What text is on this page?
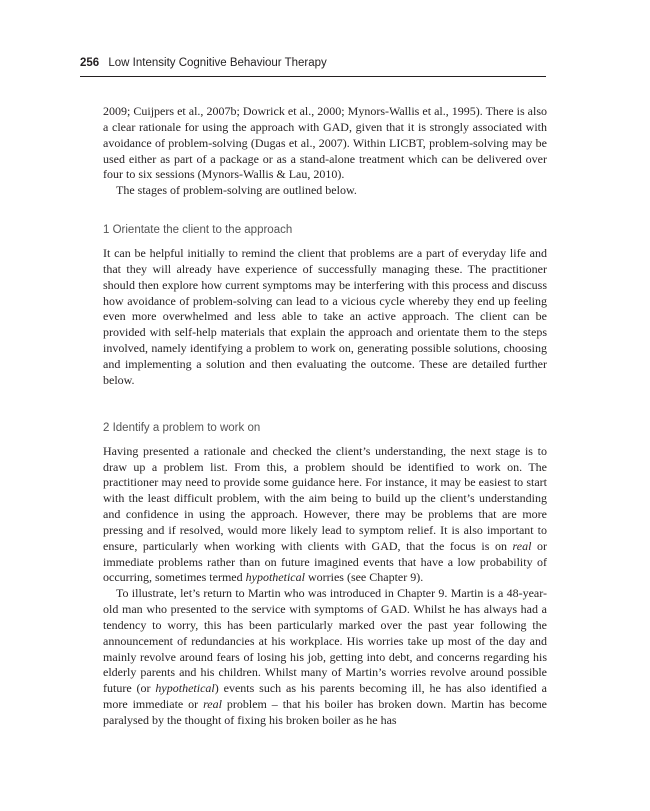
256 Low Intensity Cognitive Behaviour Therapy

2009; Cuijpers et al., 2007b; Dowrick et al., 2000; Mynors-Wallis et al., 1995). There is also a clear rationale for using the approach with GAD, given that it is strongly associated with avoidance of problem-solving (Dugas et al., 2007). Within LICBT, problem-solving may be used either as part of a package or as a stand-alone treatment which can be delivered over four to six sessions (Mynors-Wallis & Lau, 2010).

The stages of problem-solving are outlined below.

1 Orientate the client to the approach

It can be helpful initially to remind the client that problems are a part of everyday life and that they will already have experience of successfully managing these. The practitioner should then explore how current symptoms may be interfering with this process and discuss how avoidance of problem-solving can lead to a vicious cycle whereby they end up feeling even more overwhelmed and less able to take an active approach. The client can be provided with self-help materials that explain the approach and orientate them to the steps involved, namely identifying a problem to work on, generating possible solutions, choosing and implementing a solution and then evaluating the outcome. These are detailed further below.

2 Identify a problem to work on

Having presented a rationale and checked the client’s understanding, the next stage is to draw up a problem list. From this, a problem should be identified to work on. The practitioner may need to provide some guidance here. For instance, it may be easiest to start with the least difficult problem, with the aim being to build up the client’s understanding and confidence in using the approach. However, there may be problems that are more pressing and if resolved, would more likely lead to symptom relief. It is also important to ensure, particularly when working with clients with GAD, that the focus is on real or immediate problems rather than on future imagined events that have a low probability of occurring, sometimes termed hypothetical worries (see Chapter 9).

To illustrate, let’s return to Martin who was introduced in Chapter 9. Martin is a 48-year-old man who presented to the service with symptoms of GAD. Whilst he has always had a tendency to worry, this has been particularly marked over the past year following the announcement of redundancies at his workplace. His worries take up most of the day and mainly revolve around fears of losing his job, getting into debt, and concerns regarding his elderly parents and his children. Whilst many of Martin’s worries revolve around possible future (or hypothetical) events such as his parents becoming ill, he has also identified a more immediate or real problem – that his boiler has broken down. Martin has become paralysed by the thought of fixing his broken boiler as he has
